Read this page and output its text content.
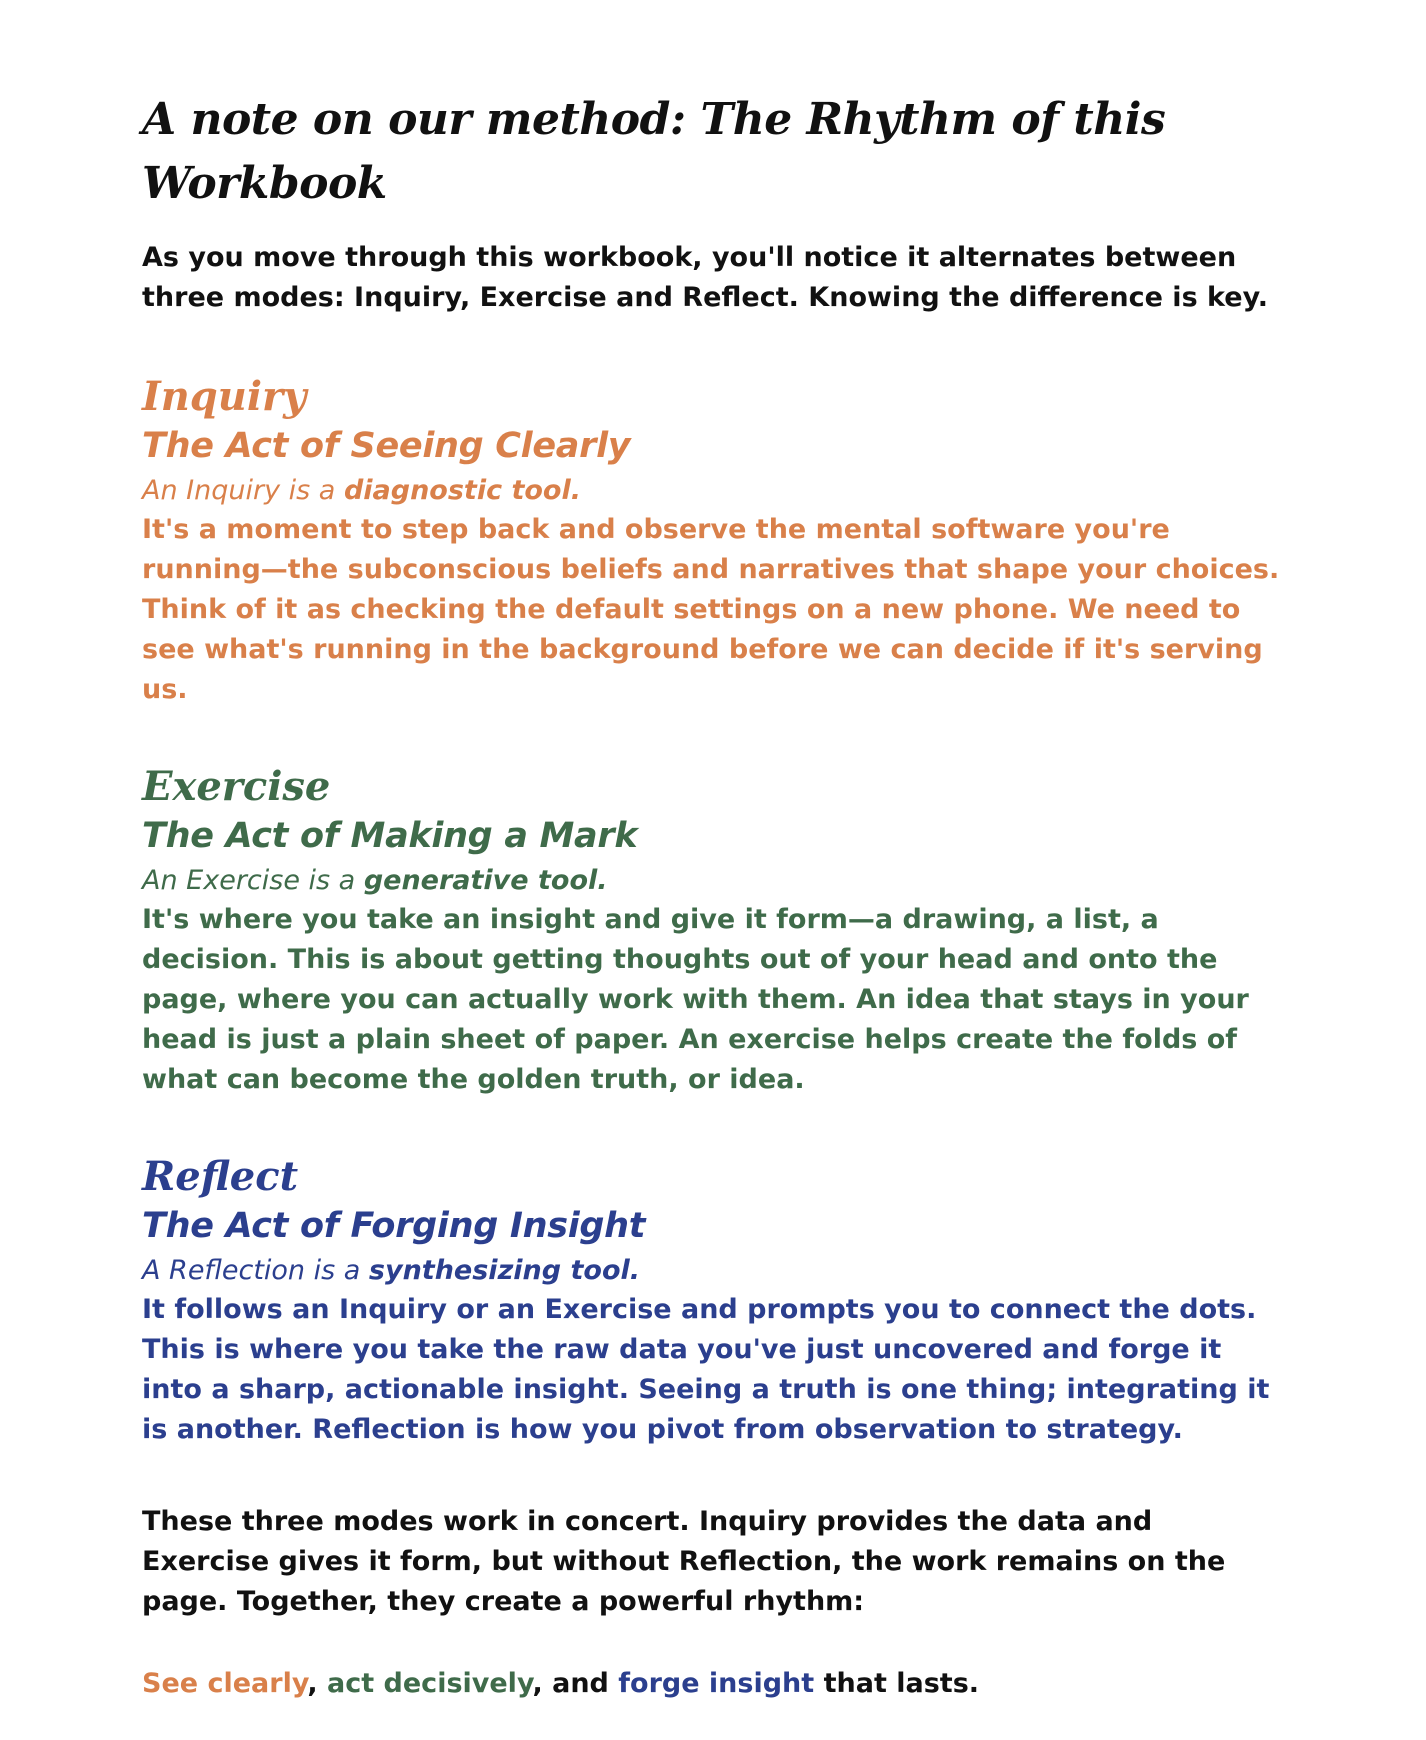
A note on our method: The Rhythm of this Workbook

As you move through this workbook, you'll notice it alternates between three modes: Inquiry, Exercise and Reflect. Knowing the difference is key.

Inquiry
The Act of Seeing Clearly

An Inquiry is a diagnostic tool.

It's a moment to step back and observe the mental software you're running—the subconscious beliefs and narratives that shape your choices. Think of it as checking the default settings on a new phone. We need to see what's running in the background before we can decide if it's serving us.

Exercise
The Act of Making a Mark

An Exercise is a generative tool.

It's where you take an insight and give it form—a drawing, a list, a decision. This is about getting thoughts out of your head and onto the page, where you can actually work with them. An idea that stays in your head is just a plain sheet of paper. An exercise helps create the folds of what can become the golden truth, or idea.

Reflect
The Act of Forging Insight

A Reflection is a synthesizing tool.

It follows an Inquiry or an Exercise and prompts you to connect the dots. This is where you take the raw data you've just uncovered and forge it into a sharp, actionable insight. Seeing a truth is one thing; integrating it is another. Reflection is how you pivot from observation to strategy.

These three modes work in concert. Inquiry provides the data and Exercise gives it form, but without Reflection, the work remains on the page. Together, they create a powerful rhythm:

See clearly, act decisively, and forge insight that lasts.
